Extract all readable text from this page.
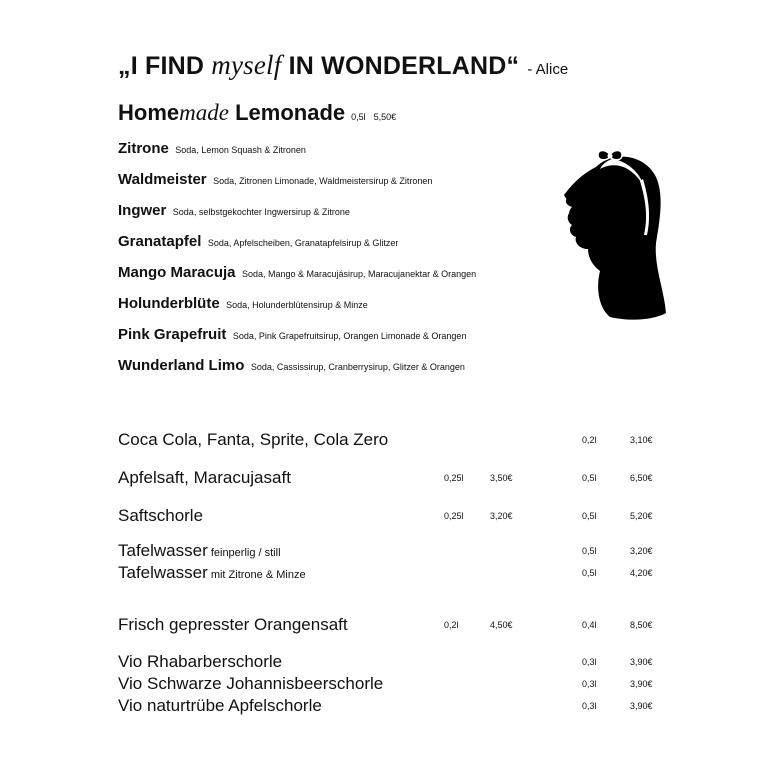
„I FIND myself IN WONDERLAND“ - Alice
Homemade Lemonade 0,5l 5,50€
Zitrone Soda, Lemon Squash & Zitronen
Waldmeister Soda, Zitronen Limonade, Waldmeistersirup & Zitronen
Ingwer Soda, selbstgekochter Ingwersirup & Zitrone
Granatapfel Soda, Apfelscheiben, Granatapfelsirup & Glitzer
Mango Maracuja Soda, Mango & Maracujásirup, Maracujanektar & Orangen
Holunderblüte Soda, Holunderblütensirup & Minze
Pink Grapefruit Soda, Pink Grapefruitsirup, Orangen Limonade & Orangen
Wunderland Limo Soda, Cassissirup, Cranberrysirup, Glitzer & Orangen
Coca Cola, Fanta, Sprite, Cola Zero	0,2l	3,10€
Apfelsaft, Maracujasaft	0,25l	3,50€	0,5l	6,50€
Saftschorle	0,25l	3,20€	0,5l	5,20€
Tafelwasser feinperlig / still	0,5l	3,20€
Tafelwasser mit Zitrone & Minze	0,5l	4,20€
Frisch gepresster Orangensaft	0,2l	4,50€	0,4l	8,50€
Vio Rhabarberschorle	0,3l	3,90€
Vio Schwarze Johannisbeerschorle	0,3l	3,90€
Vio naturtrübe Apfelschorle	0,3l	3,90€
